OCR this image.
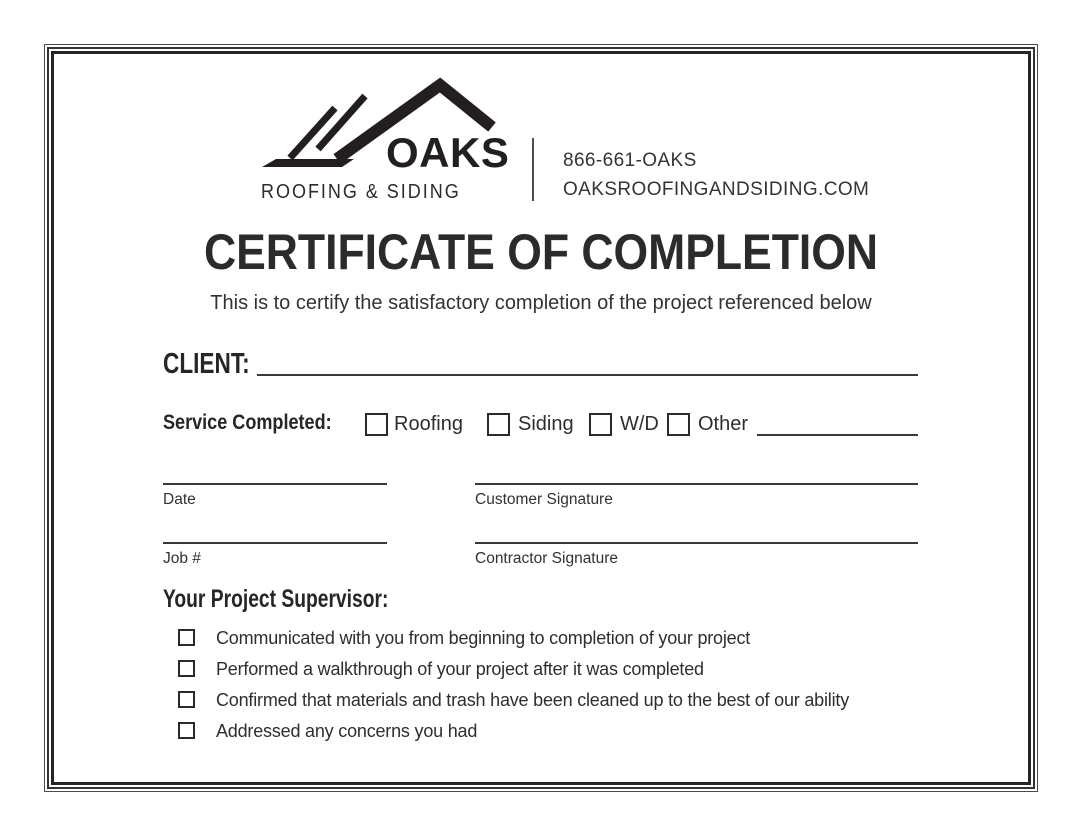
OAKS
ROOFING & SIDING
866-661-OAKS
OAKSROOFINGANDSIDING.COM
CERTIFICATE OF COMPLETION
This is to certify the satisfactory completion of the project referenced below
CLIENT:
Service Completed:	Roofing	Siding W/D Other
Date	Customer Signature
Job #	Contractor Signature
Your Project Supervisor:
Communicated with you from beginning to completion of your project
Performed a walkthrough of your project after it was completed
Confirmed that materials and trash have been cleaned up to the best of our ability
Addressed any concerns you had
